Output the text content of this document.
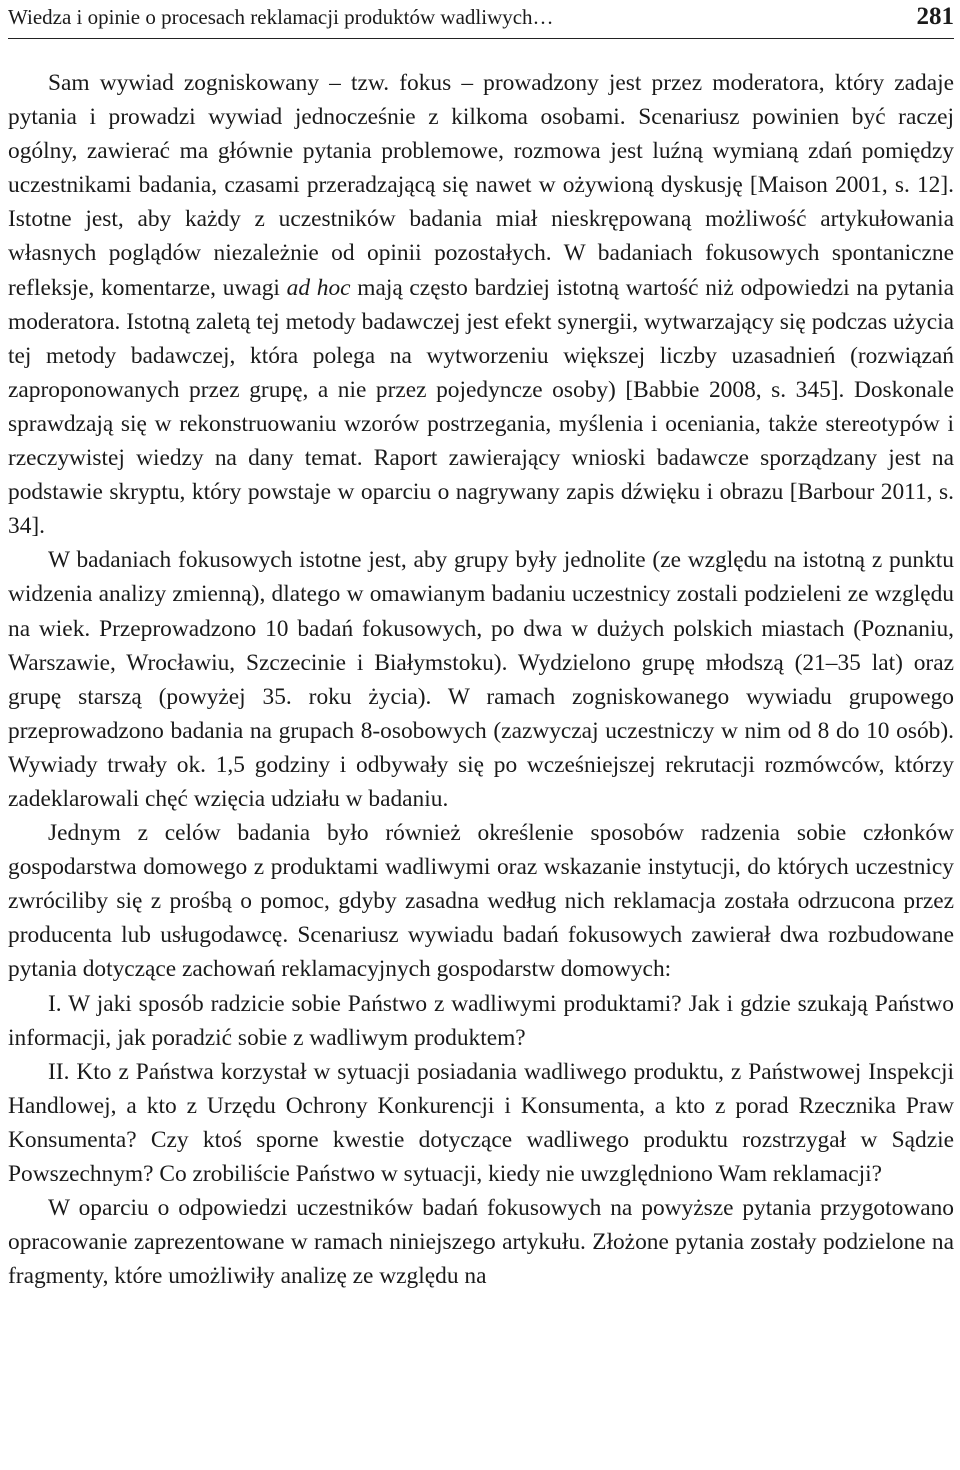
Wiedza i opinie o procesach reklamacji produktów wadliwych…	281

Sam wywiad zogniskowany – tzw. fokus – prowadzony jest przez moderatora, który zadaje pytania i prowadzi wywiad jednocześnie z kilkoma osobami. Scenariusz powinien być raczej ogólny, zawierać ma głównie pytania problemowe, rozmowa jest luźną wymianą zdań pomiędzy uczestnikami badania, czasami przeradzającą się nawet w ożywioną dyskusję [Maison 2001, s. 12]. Istotne jest, aby każdy z uczestników badania miał nieskrępowaną możliwość artykułowania własnych poglądów niezależnie od opinii pozostałych. W badaniach fokusowych spontaniczne refleksje, komentarze, uwagi ad hoc mają często bardziej istotną wartość niż odpowiedzi na pytania moderatora. Istotną zaletą tej metody badawczej jest efekt synergii, wytwarzający się podczas użycia tej metody badawczej, która polega na wytworzeniu większej liczby uzasadnień (rozwiązań zaproponowanych przez grupę, a nie przez pojedyncze osoby) [Babbie 2008, s. 345]. Doskonale sprawdzają się w rekonstruowaniu wzorów postrzegania, myślenia i oceniania, także stereotypów i rzeczywistej wiedzy na dany temat. Raport zawierający wnioski badawcze sporządzany jest na podstawie skryptu, który powstaje w oparciu o nagrywany zapis dźwięku i obrazu [Barbour 2011, s. 34].

W badaniach fokusowych istotne jest, aby grupy były jednolite (ze względu na istotną z punktu widzenia analizy zmienną), dlatego w omawianym badaniu uczestnicy zostali podzieleni ze względu na wiek. Przeprowadzono 10 badań fokusowych, po dwa w dużych polskich miastach (Poznaniu, Warszawie, Wrocławiu, Szczecinie i Białymstoku). Wydzielono grupę młodszą (21–35 lat) oraz grupę starszą (powyżej 35. roku życia). W ramach zogniskowanego wywiadu grupowego przeprowadzono badania na grupach 8-osobowych (zazwyczaj uczestniczy w nim od 8 do 10 osób). Wywiady trwały ok. 1,5 godziny i odbywały się po wcześniejszej rekrutacji rozmówców, którzy zadeklarowali chęć wzięcia udziału w badaniu.

Jednym z celów badania było również określenie sposobów radzenia sobie członków gospodarstwa domowego z produktami wadliwymi oraz wskazanie instytucji, do których uczestnicy zwróciliby się z prośbą o pomoc, gdyby zasadna według nich reklamacja została odrzucona przez producenta lub usługodawcę. Scenariusz wywiadu badań fokusowych zawierał dwa rozbudowane pytania dotyczące zachowań reklamacyjnych gospodarstw domowych:

I. W jaki sposób radzicie sobie Państwo z wadliwymi produktami? Jak i gdzie szukają Państwo informacji, jak poradzić sobie z wadliwym produktem?

II. Kto z Państwa korzystał w sytuacji posiadania wadliwego produktu, z Państwowej Inspekcji Handlowej, a kto z Urzędu Ochrony Konkurencji i Konsumenta, a kto z porad Rzecznika Praw Konsumenta? Czy ktoś sporne kwestie dotyczące wadliwego produktu rozstrzygał w Sądzie Powszechnym? Co zrobiliście Państwo w sytuacji, kiedy nie uwzględniono Wam reklamacji?

W oparciu o odpowiedzi uczestników badań fokusowych na powyższe pytania przygotowano opracowanie zaprezentowane w ramach niniejszego artykułu. Złożone pytania zostały podzielone na fragmenty, które umożliwiły analizę ze względu na
